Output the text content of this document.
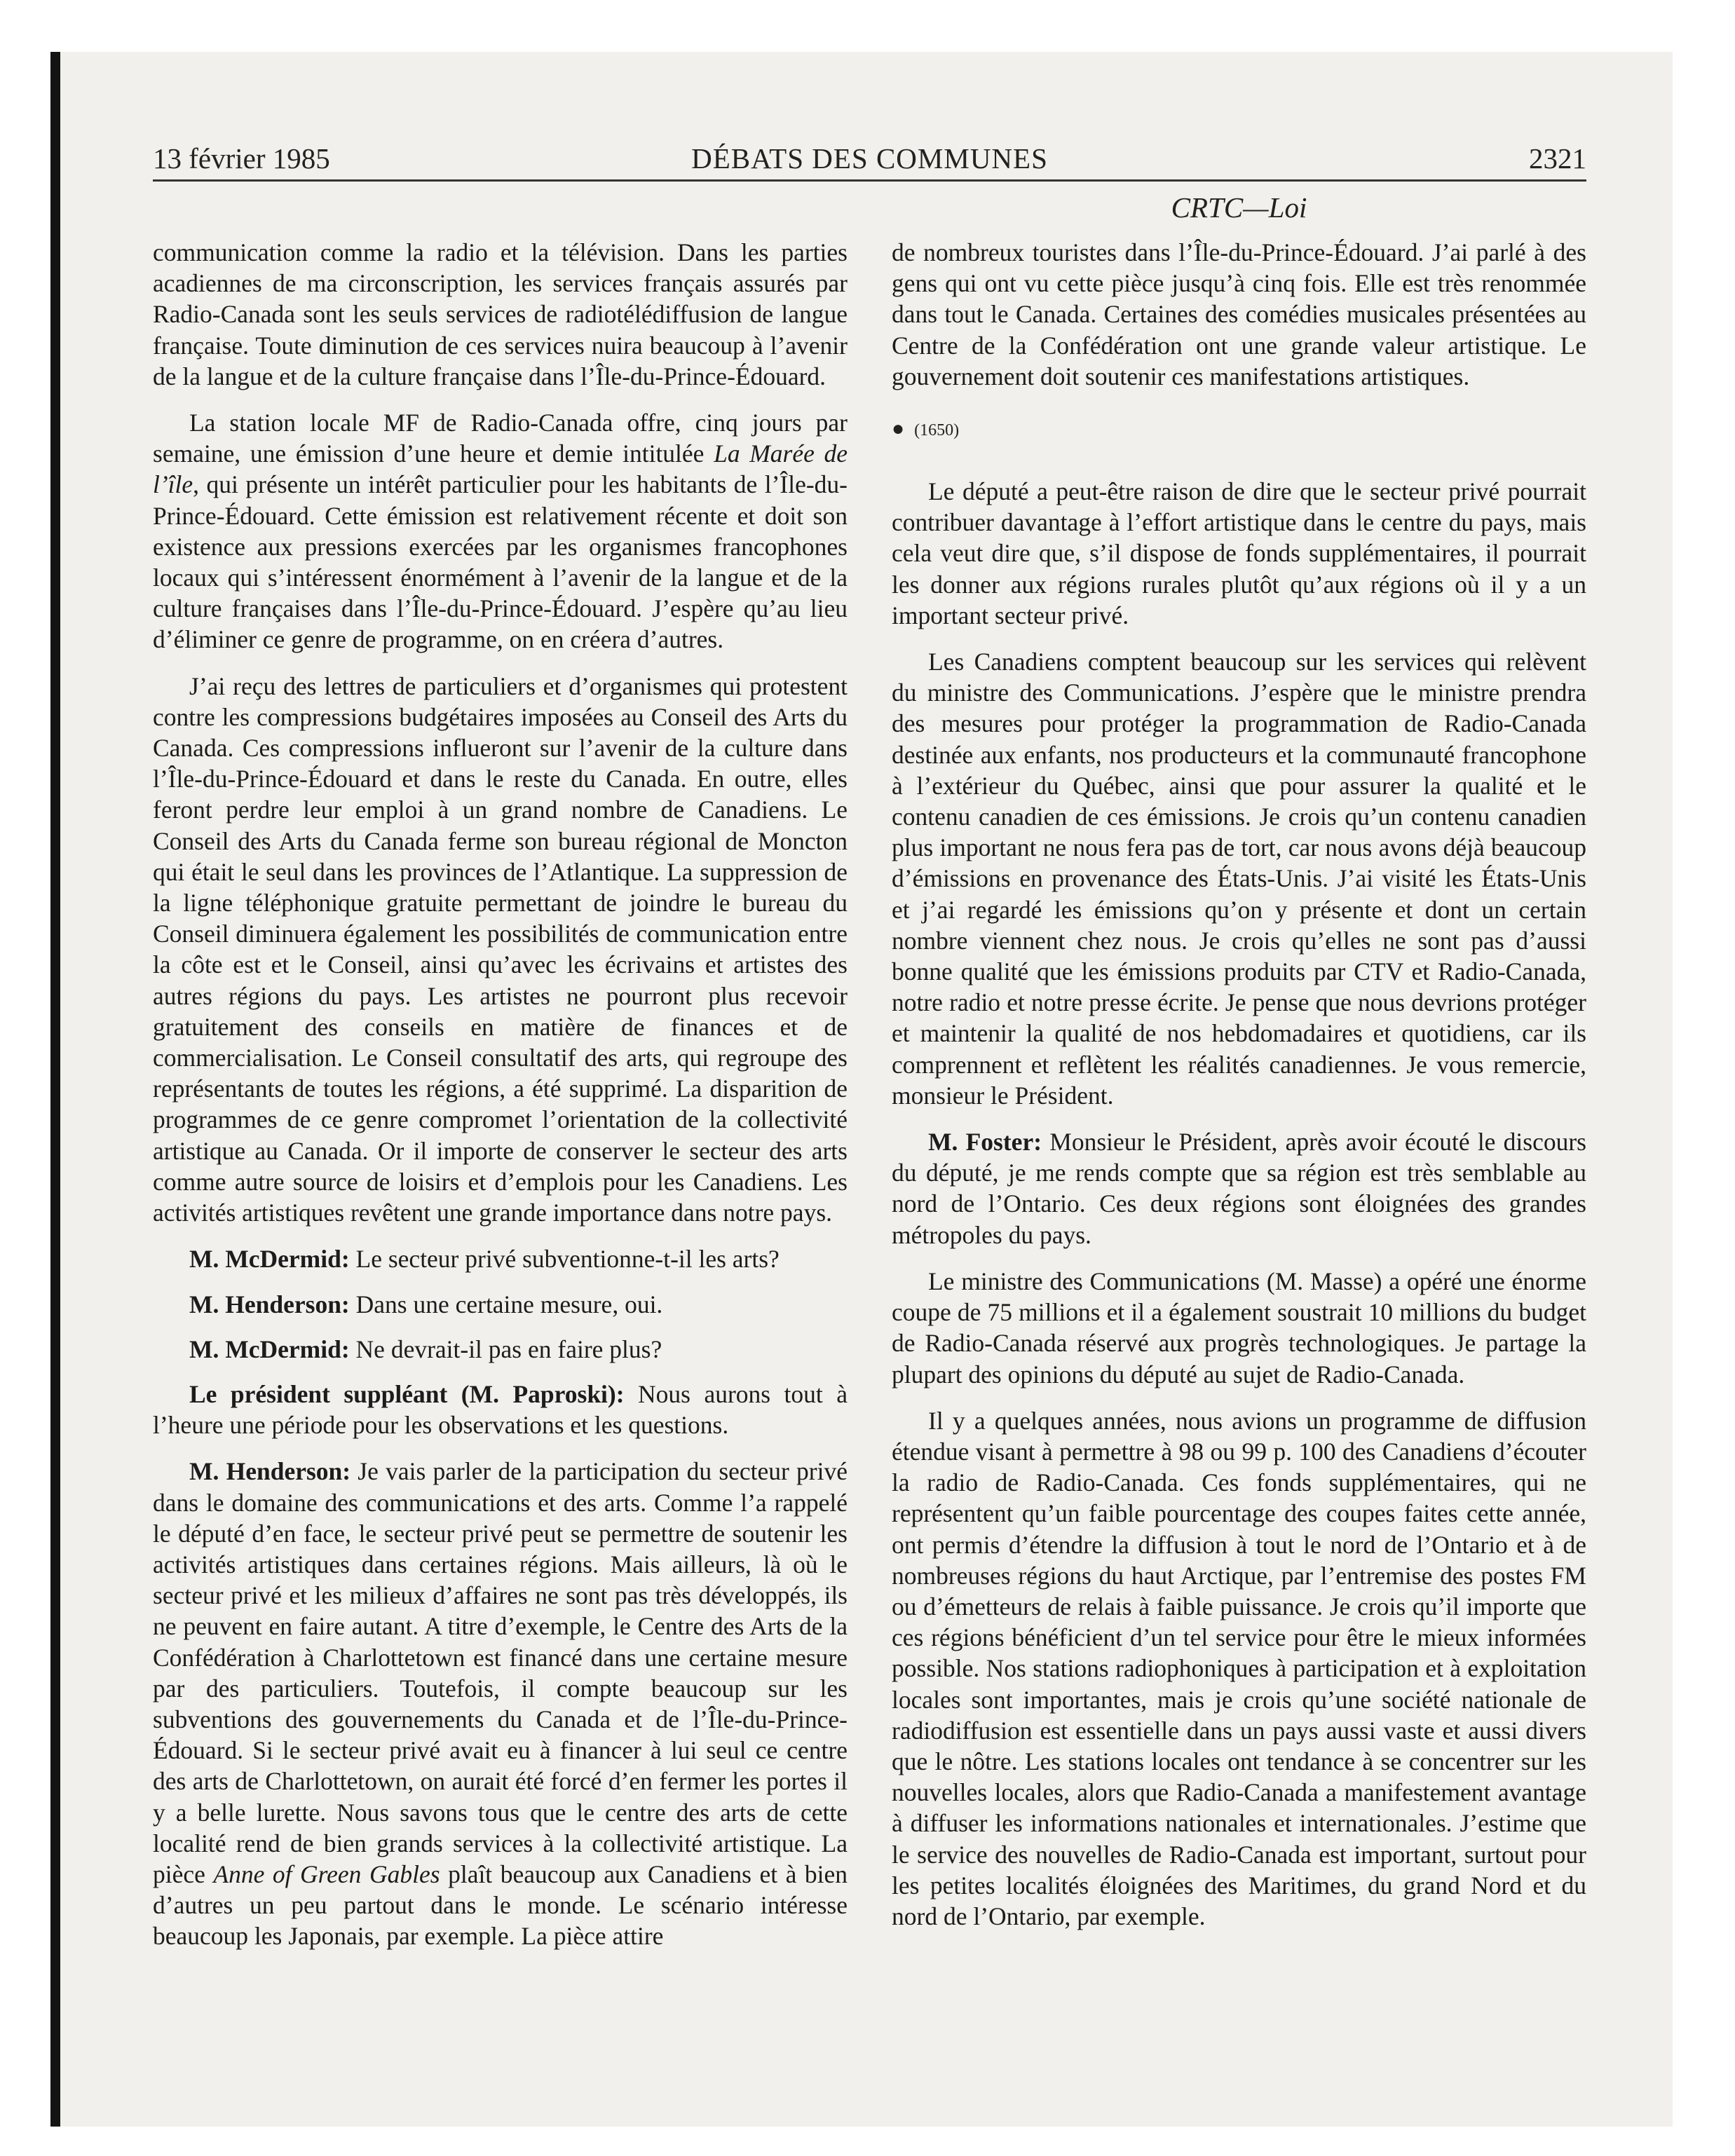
13 février 1985	DÉBATS DES COMMUNES	2321
CRTC—Loi

communication comme la radio et la télévision. Dans les parties acadiennes de ma circonscription, les services français assurés par Radio-Canada sont les seuls services de radiotélédiffusion de langue française. Toute diminution de ces services nuira beaucoup à l’avenir de la langue et de la culture française dans l’Île-du-Prince-Édouard.

La station locale MF de Radio-Canada offre, cinq jours par semaine, une émission d’une heure et demie intitulée La Marée de l’île, qui présente un intérêt particulier pour les habitants de l’Île-du-Prince-Édouard. Cette émission est relativement récente et doit son existence aux pressions exercées par les organismes francophones locaux qui s’intéressent énormément à l’avenir de la langue et de la culture françaises dans l’Île-du-Prince-Édouard. J’espère qu’au lieu d’éliminer ce genre de programme, on en créera d’autres.

J’ai reçu des lettres de particuliers et d’organismes qui protestent contre les compressions budgétaires imposées au Conseil des Arts du Canada. Ces compressions influeront sur l’avenir de la culture dans l’Île-du-Prince-Édouard et dans le reste du Canada. En outre, elles feront perdre leur emploi à un grand nombre de Canadiens. Le Conseil des Arts du Canada ferme son bureau régional de Moncton qui était le seul dans les provinces de l’Atlantique. La suppression de la ligne téléphonique gratuite permettant de joindre le bureau du Conseil diminuera également les possibilités de communication entre la côte est et le Conseil, ainsi qu’avec les écrivains et artistes des autres régions du pays. Les artistes ne pourront plus recevoir gratuitement des conseils en matière de finances et de commercialisation. Le Conseil consultatif des arts, qui regroupe des représentants de toutes les régions, a été supprimé. La disparition de programmes de ce genre compromet l’orientation de la collectivité artistique au Canada. Or il importe de conserver le secteur des arts comme autre source de loisirs et d’emplois pour les Canadiens. Les activités artistiques revêtent une grande importance dans notre pays.

M. McDermid: Le secteur privé subventionne-t-il les arts?

M. Henderson: Dans une certaine mesure, oui.

M. McDermid: Ne devrait-il pas en faire plus?

Le président suppléant (M. Paproski): Nous aurons tout à l’heure une période pour les observations et les questions.

M. Henderson: Je vais parler de la participation du secteur privé dans le domaine des communications et des arts. Comme l’a rappelé le député d’en face, le secteur privé peut se permettre de soutenir les activités artistiques dans certaines régions. Mais ailleurs, là où le secteur privé et les milieux d’affaires ne sont pas très développés, ils ne peuvent en faire autant. A titre d’exemple, le Centre des Arts de la Confédération à Charlottetown est financé dans une certaine mesure par des particuliers. Toutefois, il compte beaucoup sur les subventions des gouvernements du Canada et de l’Île-du-Prince-Édouard. Si le secteur privé avait eu à financer à lui seul ce centre des arts de Charlottetown, on aurait été forcé d’en fermer les portes il y a belle lurette. Nous savons tous que le centre des arts de cette localité rend de bien grands services à la collectivité artistique. La pièce Anne of Green Gables plaît beaucoup aux Canadiens et à bien d’autres un peu partout dans le monde. Le scénario intéresse beaucoup les Japonais, par exemple. La pièce attire

de nombreux touristes dans l’Île-du-Prince-Édouard. J’ai parlé à des gens qui ont vu cette pièce jusqu’à cinq fois. Elle est très renommée dans tout le Canada. Certaines des comédies musicales présentées au Centre de la Confédération ont une grande valeur artistique. Le gouvernement doit soutenir ces manifestations artistiques.

● (1650)

Le député a peut-être raison de dire que le secteur privé pourrait contribuer davantage à l’effort artistique dans le centre du pays, mais cela veut dire que, s’il dispose de fonds supplémentaires, il pourrait les donner aux régions rurales plutôt qu’aux régions où il y a un important secteur privé.

Les Canadiens comptent beaucoup sur les services qui relèvent du ministre des Communications. J’espère que le ministre prendra des mesures pour protéger la programmation de Radio-Canada destinée aux enfants, nos producteurs et la communauté francophone à l’extérieur du Québec, ainsi que pour assurer la qualité et le contenu canadien de ces émissions. Je crois qu’un contenu canadien plus important ne nous fera pas de tort, car nous avons déjà beaucoup d’émissions en provenance des États-Unis. J’ai visité les États-Unis et j’ai regardé les émissions qu’on y présente et dont un certain nombre viennent chez nous. Je crois qu’elles ne sont pas d’aussi bonne qualité que les émissions produits par CTV et Radio-Canada, notre radio et notre presse écrite. Je pense que nous devrions protéger et maintenir la qualité de nos hebdomadaires et quotidiens, car ils comprennent et reflètent les réalités canadiennes. Je vous remercie, monsieur le Président.

M. Foster: Monsieur le Président, après avoir écouté le discours du député, je me rends compte que sa région est très semblable au nord de l’Ontario. Ces deux régions sont éloignées des grandes métropoles du pays.

Le ministre des Communications (M. Masse) a opéré une énorme coupe de 75 millions et il a également soustrait 10 millions du budget de Radio-Canada réservé aux progrès technologiques. Je partage la plupart des opinions du député au sujet de Radio-Canada.

Il y a quelques années, nous avions un programme de diffusion étendue visant à permettre à 98 ou 99 p. 100 des Canadiens d’écouter la radio de Radio-Canada. Ces fonds supplémentaires, qui ne représentent qu’un faible pourcentage des coupes faites cette année, ont permis d’étendre la diffusion à tout le nord de l’Ontario et à de nombreuses régions du haut Arctique, par l’entremise des postes FM ou d’émetteurs de relais à faible puissance. Je crois qu’il importe que ces régions bénéficient d’un tel service pour être le mieux informées possible. Nos stations radiophoniques à participation et à exploitation locales sont importantes, mais je crois qu’une société nationale de radiodiffusion est essentielle dans un pays aussi vaste et aussi divers que le nôtre. Les stations locales ont tendance à se concentrer sur les nouvelles locales, alors que Radio-Canada a manifestement avantage à diffuser les informations nationales et internationales. J’estime que le service des nouvelles de Radio-Canada est important, surtout pour les petites localités éloignées des Maritimes, du grand Nord et du nord de l’Ontario, par exemple.
